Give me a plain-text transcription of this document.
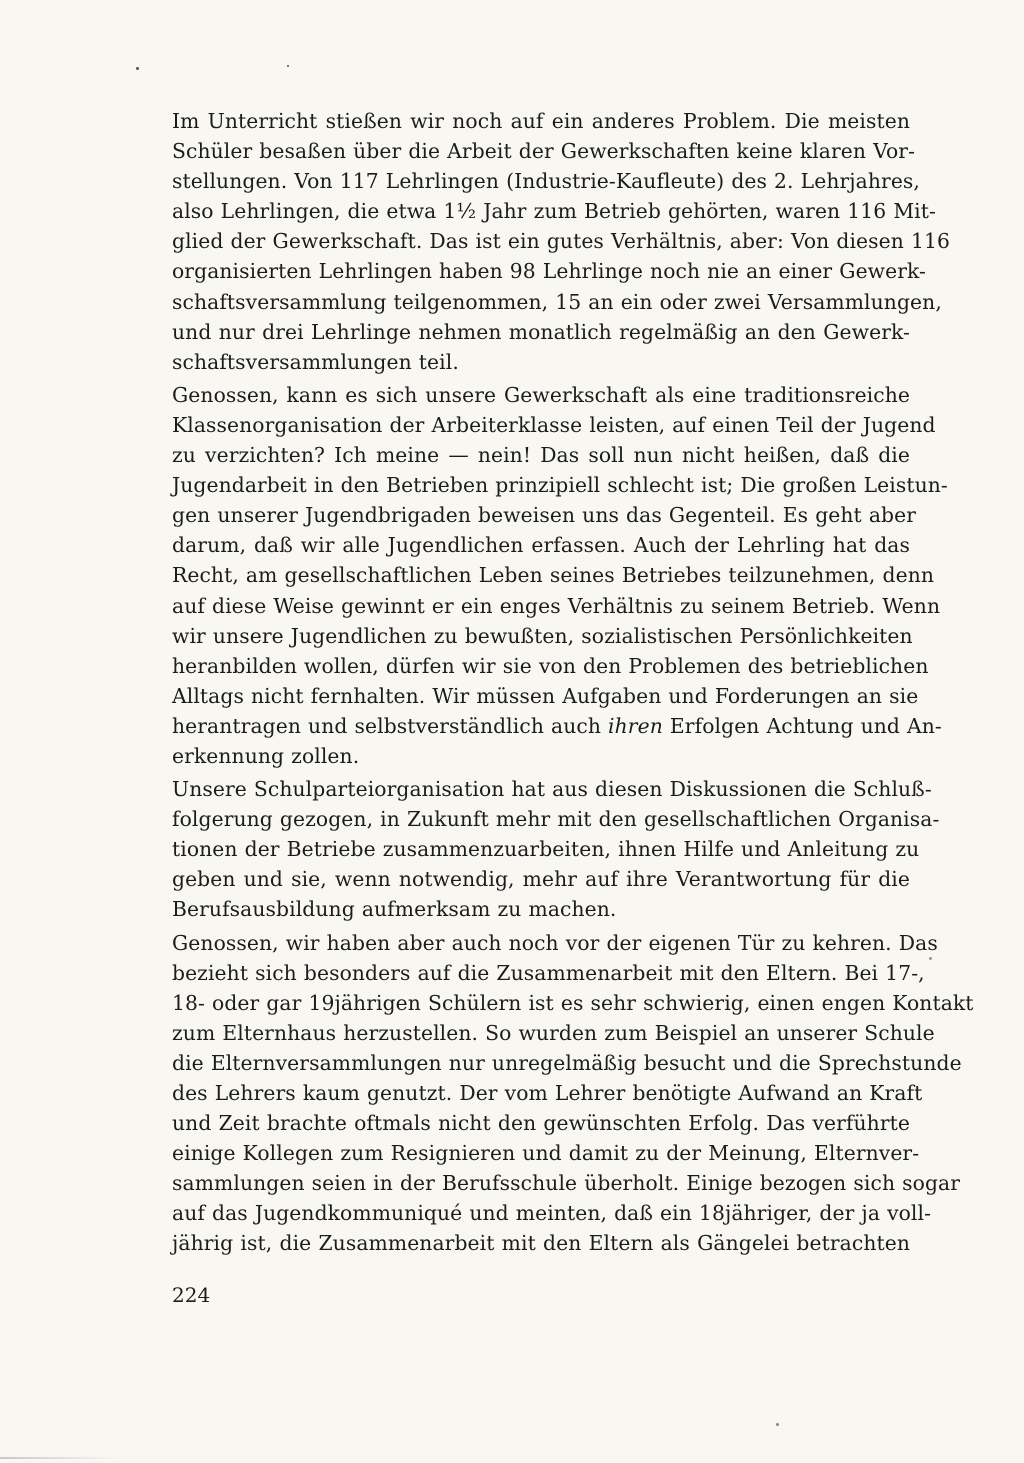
Im Unterricht stießen wir noch auf ein anderes Problem. Die meisten
Schüler besaßen über die Arbeit der Gewerkschaften keine klaren Vor-
stellungen. Von 117 Lehrlingen (Industrie-Kaufleute) des 2. Lehrjahres,
also Lehrlingen, die etwa 1½ Jahr zum Betrieb gehörten, waren 116 Mit-
glied der Gewerkschaft. Das ist ein gutes Verhältnis, aber: Von diesen 116
organisierten Lehrlingen haben 98 Lehrlinge noch nie an einer Gewerk-
schaftsversammlung teilgenommen, 15 an ein oder zwei Versammlungen,
und nur drei Lehrlinge nehmen monatlich regelmäßig an den Gewerk-
schaftsversammlungen teil.
Genossen, kann es sich unsere Gewerkschaft als eine traditionsreiche
Klassenorganisation der Arbeiterklasse leisten, auf einen Teil der Jugend
zu verzichten? Ich meine — nein! Das soll nun nicht heißen, daß die
Jugendarbeit in den Betrieben prinzipiell schlecht ist; Die großen Leistun-
gen unserer Jugendbrigaden beweisen uns das Gegenteil. Es geht aber
darum, daß wir alle Jugendlichen erfassen. Auch der Lehrling hat das
Recht, am gesellschaftlichen Leben seines Betriebes teilzunehmen, denn
auf diese Weise gewinnt er ein enges Verhältnis zu seinem Betrieb. Wenn
wir unsere Jugendlichen zu bewußten, sozialistischen Persönlichkeiten
heranbilden wollen, dürfen wir sie von den Problemen des betrieblichen
Alltags nicht fernhalten. Wir müssen Aufgaben und Forderungen an sie
herantragen und selbstverständlich auch ihren Erfolgen Achtung und An-
erkennung zollen.
Unsere Schulparteiorganisation hat aus diesen Diskussionen die Schluß-
folgerung gezogen, in Zukunft mehr mit den gesellschaftlichen Organisa-
tionen der Betriebe zusammenzuarbeiten, ihnen Hilfe und Anleitung zu
geben und sie, wenn notwendig, mehr auf ihre Verantwortung für die
Berufsausbildung aufmerksam zu machen.
Genossen, wir haben aber auch noch vor der eigenen Tür zu kehren. Das
bezieht sich besonders auf die Zusammenarbeit mit den Eltern. Bei 17-,
18- oder gar 19jährigen Schülern ist es sehr schwierig, einen engen Kontakt
zum Elternhaus herzustellen. So wurden zum Beispiel an unserer Schule
die Elternversammlungen nur unregelmäßig besucht und die Sprechstunde
des Lehrers kaum genutzt. Der vom Lehrer benötigte Aufwand an Kraft
und Zeit brachte oftmals nicht den gewünschten Erfolg. Das verführte
einige Kollegen zum Resignieren und damit zu der Meinung, Elternver-
sammlungen seien in der Berufsschule überholt. Einige bezogen sich sogar
auf das Jugendkommuniqué und meinten, daß ein 18jähriger, der ja voll-
jährig ist, die Zusammenarbeit mit den Eltern als Gängelei betrachten
224
